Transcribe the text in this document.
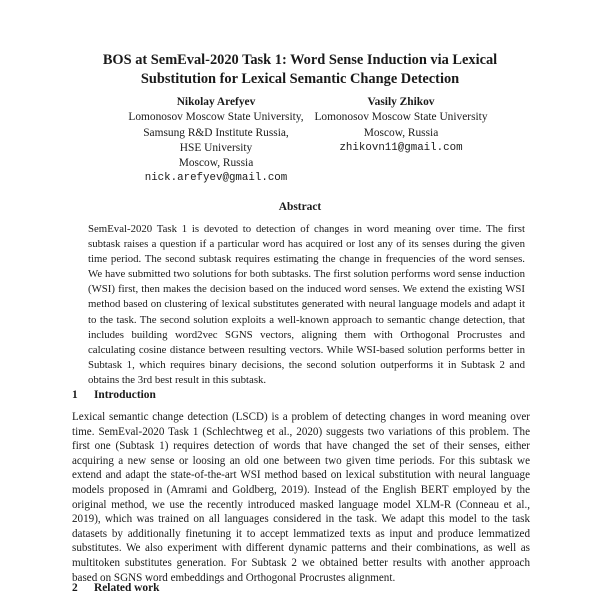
BOS at SemEval-2020 Task 1: Word Sense Induction via Lexical
Substitution for Lexical Semantic Change Detection
Nikolay Arefyev
Lomonosov Moscow State University,
Samsung R&D Institute Russia,
HSE University
Moscow, Russia
nick.arefyev@gmail.com
Vasily Zhikov
Lomonosov Moscow State University
Moscow, Russia
zhikovn11@gmail.com
Abstract
SemEval-2020 Task 1 is devoted to detection of changes in word meaning over time. The first subtask raises a question if a particular word has acquired or lost any of its senses during the given time period. The second subtask requires estimating the change in frequencies of the word senses. We have submitted two solutions for both subtasks. The first solution performs word sense induction (WSI) first, then makes the decision based on the induced word senses. We extend the existing WSI method based on clustering of lexical substitutes generated with neural language models and adapt it to the task. The second solution exploits a well-known approach to semantic change detection, that includes building word2vec SGNS vectors, aligning them with Orthogonal Procrustes and calculating cosine distance between resulting vectors. While WSI-based solution performs better in Subtask 1, which requires binary decisions, the second solution outperforms it in Subtask 2 and obtains the 3rd best result in this subtask.
1 Introduction
Lexical semantic change detection (LSCD) is a problem of detecting changes in word meaning over time. SemEval-2020 Task 1 (Schlechtweg et al., 2020) suggests two variations of this problem. The first one (Subtask 1) requires detection of words that have changed the set of their senses, either acquiring a new sense or loosing an old one between two given time periods. For this subtask we extend and adapt the state-of-the-art WSI method based on lexical substitution with neural language models proposed in (Amrami and Goldberg, 2019). Instead of the English BERT employed by the original method, we use the recently introduced masked language model XLM-R (Conneau et al., 2019), which was trained on all languages considered in the task. We adapt this model to the task datasets by additionally finetuning it to accept lemmatized texts as input and produce lemmatized substitutes. We also experiment with different dynamic patterns and their combinations, as well as multitoken substitutes generation. For Subtask 2 we obtained better results with another approach based on SGNS word embeddings and Orthogonal Procrustes alignment.
2 Related work
